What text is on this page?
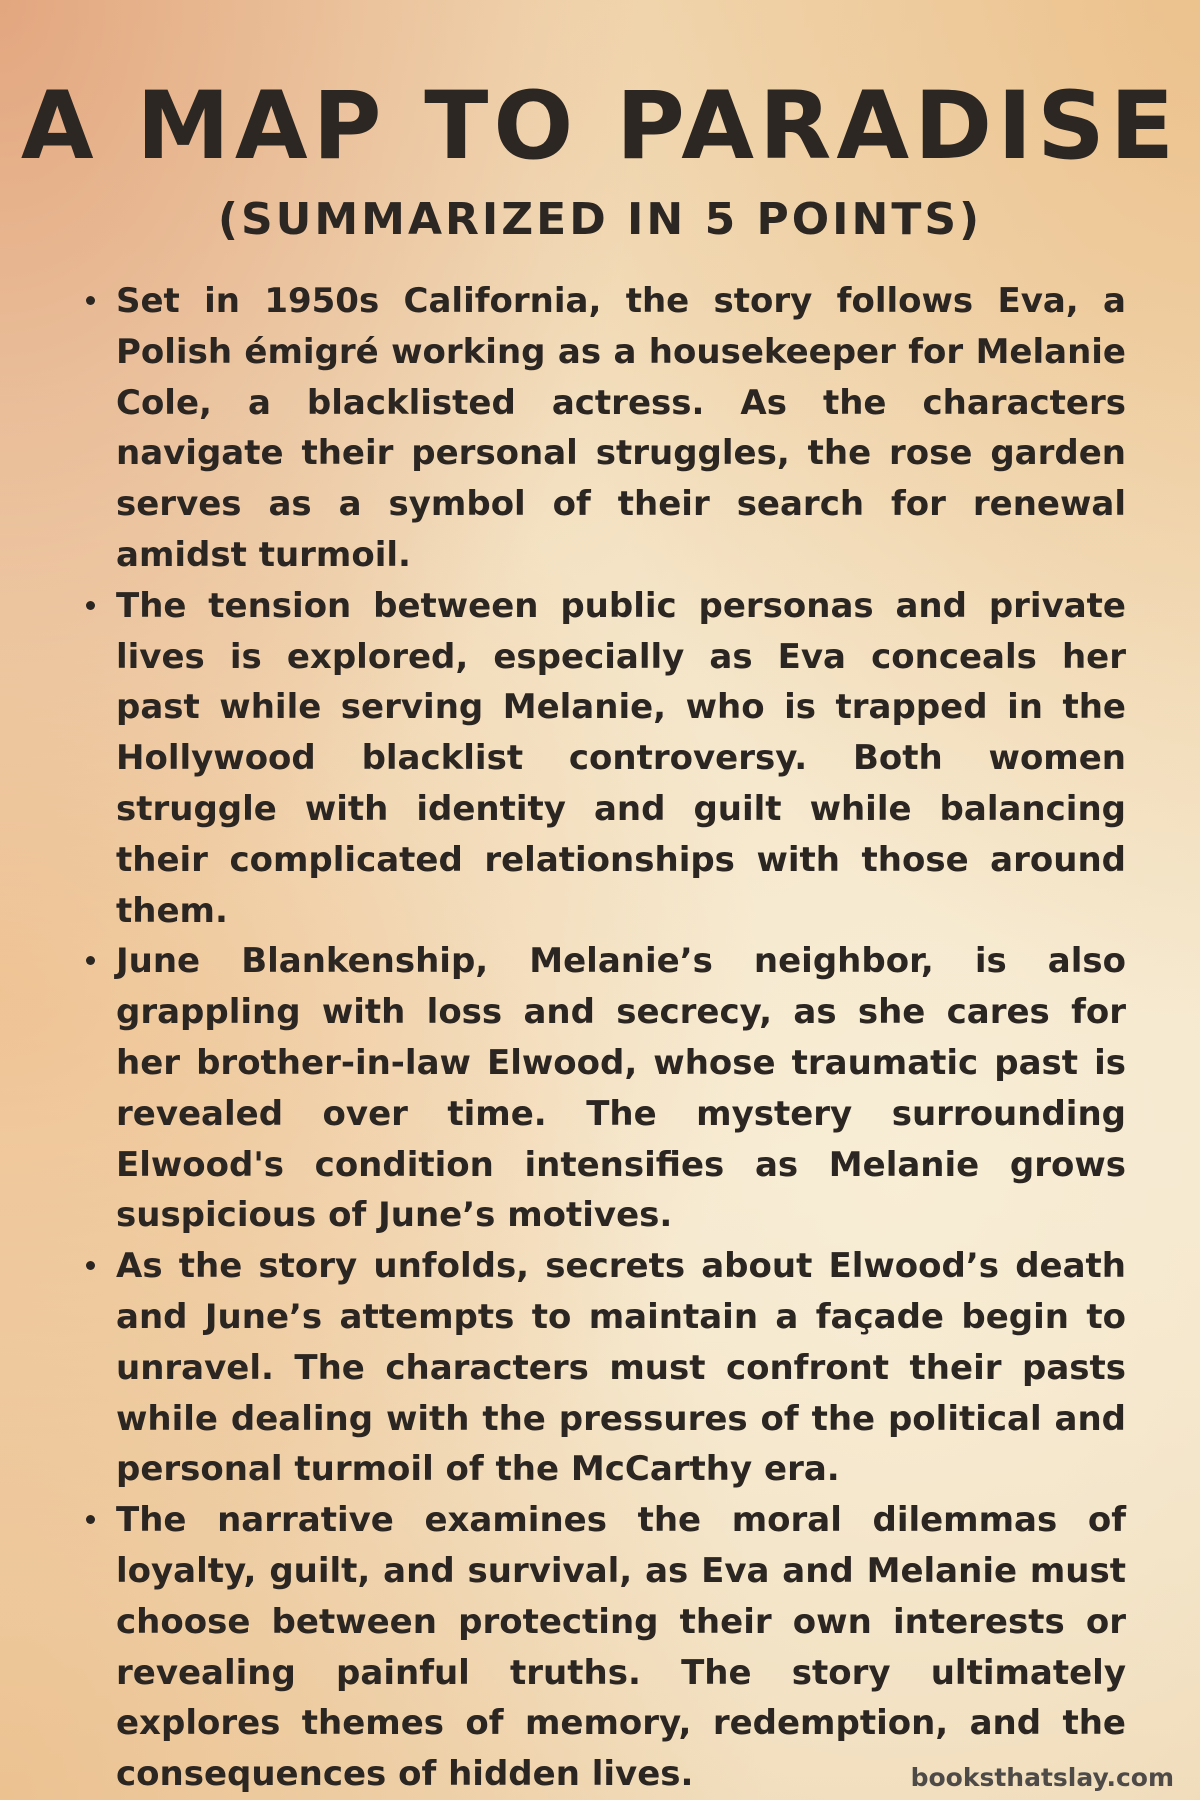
A MAP TO PARADISE
(SUMMARIZED IN 5 POINTS)
Set in 1950s California, the story follows Eva, a Polish émigré working as a housekeeper for Melanie Cole, a blacklisted actress. As the characters navigate their personal struggles, the rose garden serves as a symbol of their search for renewal amidst turmoil.
The tension between public personas and private lives is explored, especially as Eva conceals her past while serving Melanie, who is trapped in the Hollywood blacklist controversy. Both women struggle with identity and guilt while balancing their complicated relationships with those around them.
June Blankenship, Melanie’s neighbor, is also grappling with loss and secrecy, as she cares for her brother-in-law Elwood, whose traumatic past is revealed over time. The mystery surrounding Elwood's condition intensifies as Melanie grows suspicious of June’s motives.
As the story unfolds, secrets about Elwood’s death and June’s attempts to maintain a façade begin to unravel. The characters must confront their pasts while dealing with the pressures of the political and personal turmoil of the McCarthy era.
The narrative examines the moral dilemmas of loyalty, guilt, and survival, as Eva and Melanie must choose between protecting their own interests or revealing painful truths. The story ultimately explores themes of memory, redemption, and the consequences of hidden lives.	booksthatslay.com
